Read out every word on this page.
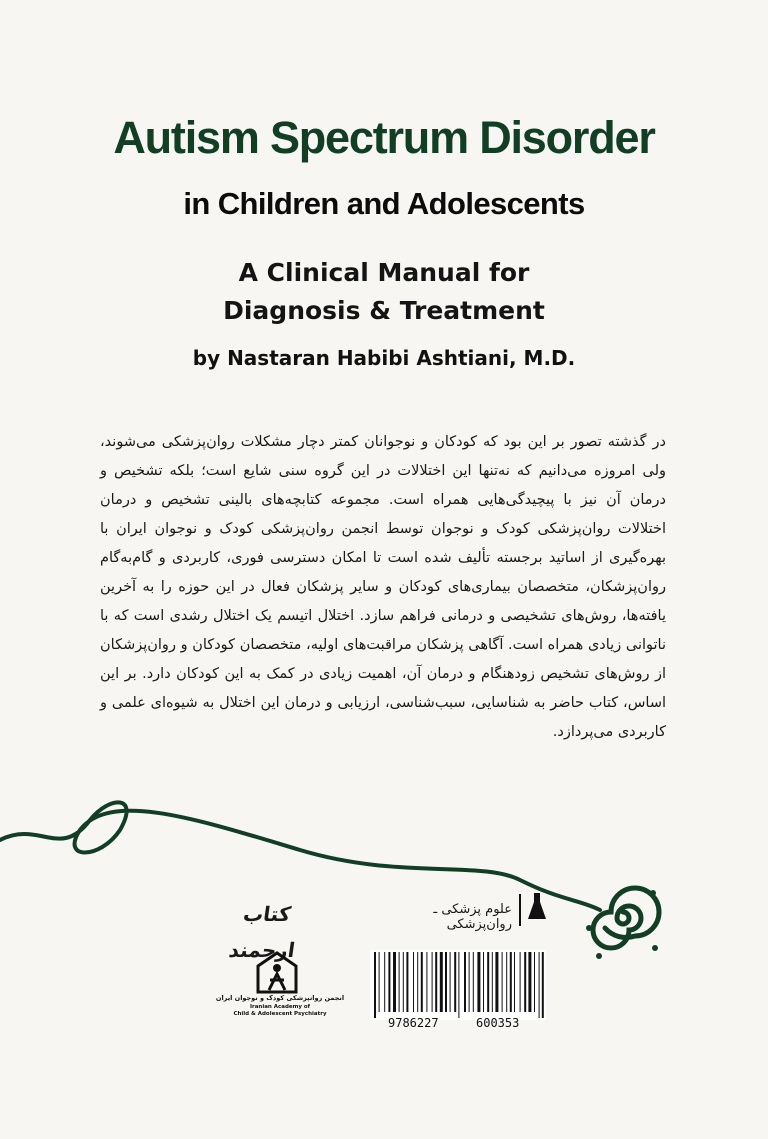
Autism Spectrum Disorder
in Children and Adolescents
A Clinical Manual for
Diagnosis & Treatment
by Nastaran Habibi Ashtiani, M.D.
در گذشته تصور بر این بود که کودکان و نوجوانان کمتر دچار مشکلات روان‌پزشکی می‌شوند، ولی امروزه می‌دانیم که نه‌تنها این اختلالات در این گروه سنی شایع است؛ بلکه تشخیص و درمان آن نیز با پیچیدگی‌هایی همراه است. مجموعه کتابچه‌های بالینی تشخیص و درمان اختلالات روان‌پزشکی کودک و نوجوان توسط انجمن روان‌پزشکی کودک و نوجوان ایران با بهره‌گیری از اساتید برجسته تألیف شده است تا امکان دسترسی فوری، کاربردی و گام‌به‌گام روان‌پزشکان، متخصصان بیماری‌های کودکان و سایر پزشکان فعال در این حوزه را به آخرین یافته‌ها، روش‌های تشخیصی و درمانی فراهم سازد. اختلال اتیسم یک اختلال رشدی است که با ناتوانی زیادی همراه است. آگاهی پزشکان مراقبت‌های اولیه، متخصصان کودکان و روان‌پزشکان از روش‌های تشخیص زودهنگام و درمان آن، اهمیت زیادی در کمک به این کودکان دارد. بر این اساس، کتاب حاضر به شناسایی، سبب‌شناسی، ارزیابی و درمان این اختلال به شیوه‌ای علمی و کاربردی می‌پردازد.
کتاب ارجمند
علوم پزشکی ـ روان‌پزشکی
9786227	600353
انجمن روانپزشکی کودک و نوجوان ایران
Iranian Academy of
Child & Adolescent Psychiatry
